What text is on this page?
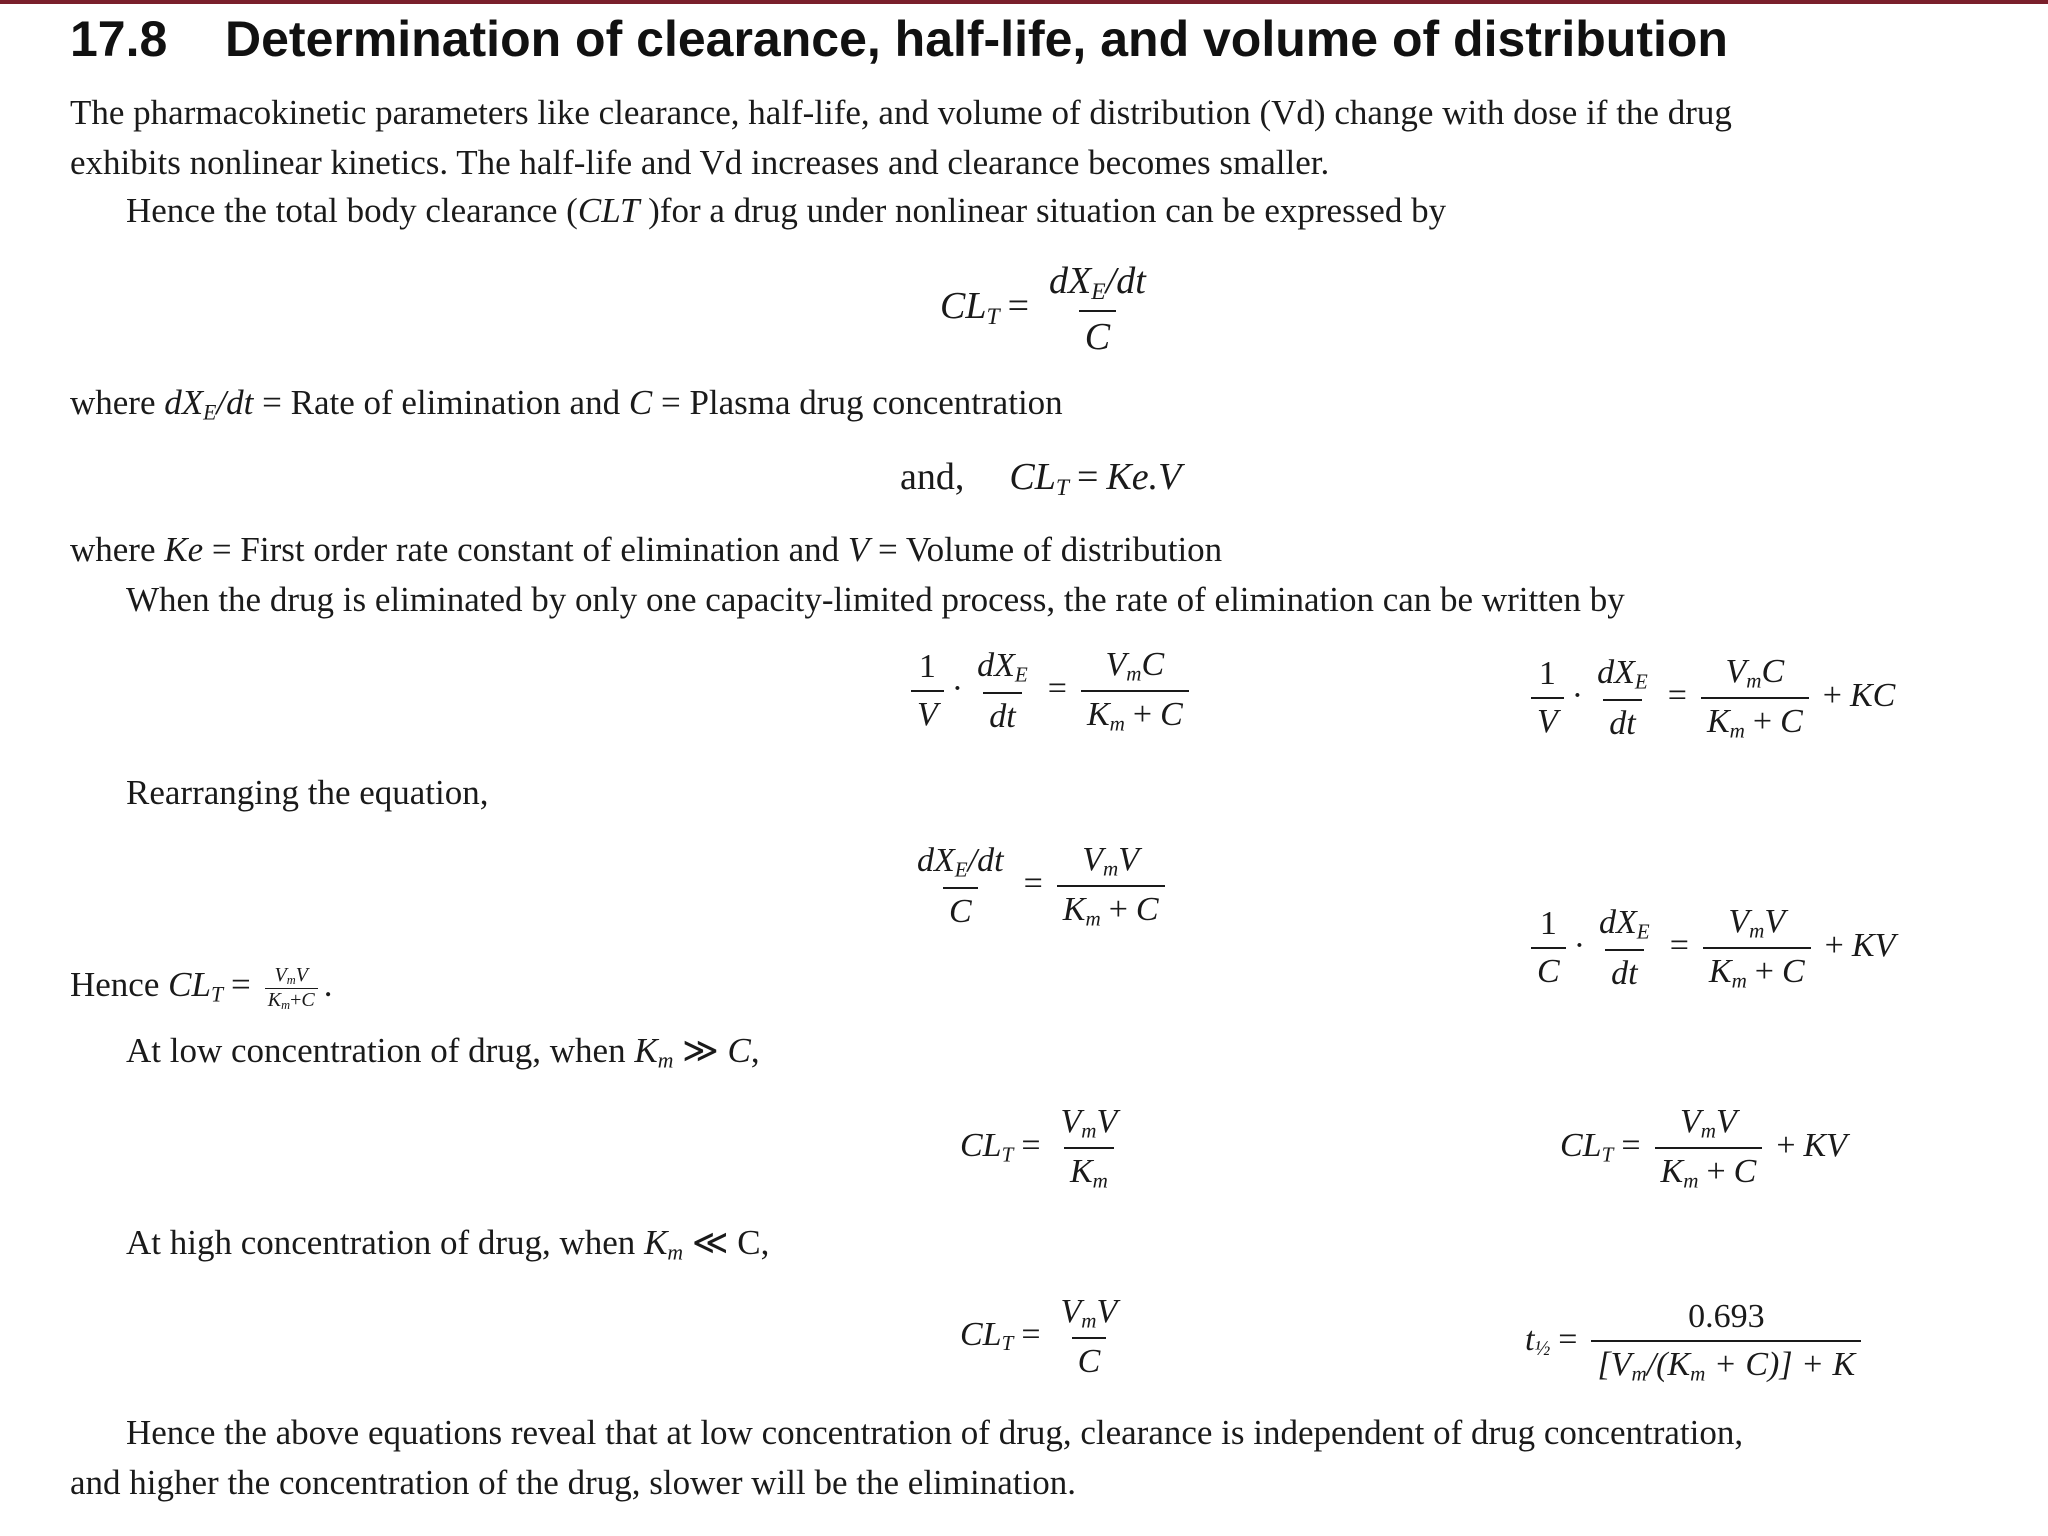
17.8 Determination of clearance, half-life, and volume of distribution
The pharmacokinetic parameters like clearance, half-life, and volume of distribution (Vd) change with dose if the drug
exhibits nonlinear kinetics. The half-life and Vd increases and clearance becomes smaller.
Hence the total body clearance (CLT )for a drug under nonlinear situation can be expressed by
$CL_T = \frac{dX_E/dt}{C}$
where $dX_E/dt$ = Rate of elimination and C = Plasma drug concentration
and, $CL_T = Ke.V$
where Ke = First order rate constant of elimination and V = Volume of distribution
When the drug is eliminated by only one capacity-limited process, the rate of elimination can be written by
$\frac{1}{V} \cdot \frac{dX_E}{dt} = \frac{V_mC}{K_m + C}$	$\frac{1}{V} \cdot \frac{dX_E}{dt} = \frac{V_mC}{K_m + C}$ + KC
Rearranging the equation,
$\frac{dX_E/dt}{C} = \frac{V_mV}{K_m + C}$
$\frac{1}{C} \cdot \frac{dX_E}{dt} = \frac{V_mV}{K_m + C}$ + KV
Hence $CL_T = \frac{V_mV}{K_m+C}$ .
At low concentration of drug, when $K_m$ ≫ C,
$CL_T = \frac{V_mV}{K_m}$	$CL_T = \frac{V_mV}{K_m + C}$ + KV
At high concentration of drug, when $K_m$ ≪ C,
$CL_T = \frac{V_mV}{C}$	$t_{\frac{1}{2}} = \frac{0.693}{[V_m/(K_m + C)] + K}$
Hence the above equations reveal that at low concentration of drug, clearance is independent of drug concentration,
and higher the concentration of the drug, slower will be the elimination.
